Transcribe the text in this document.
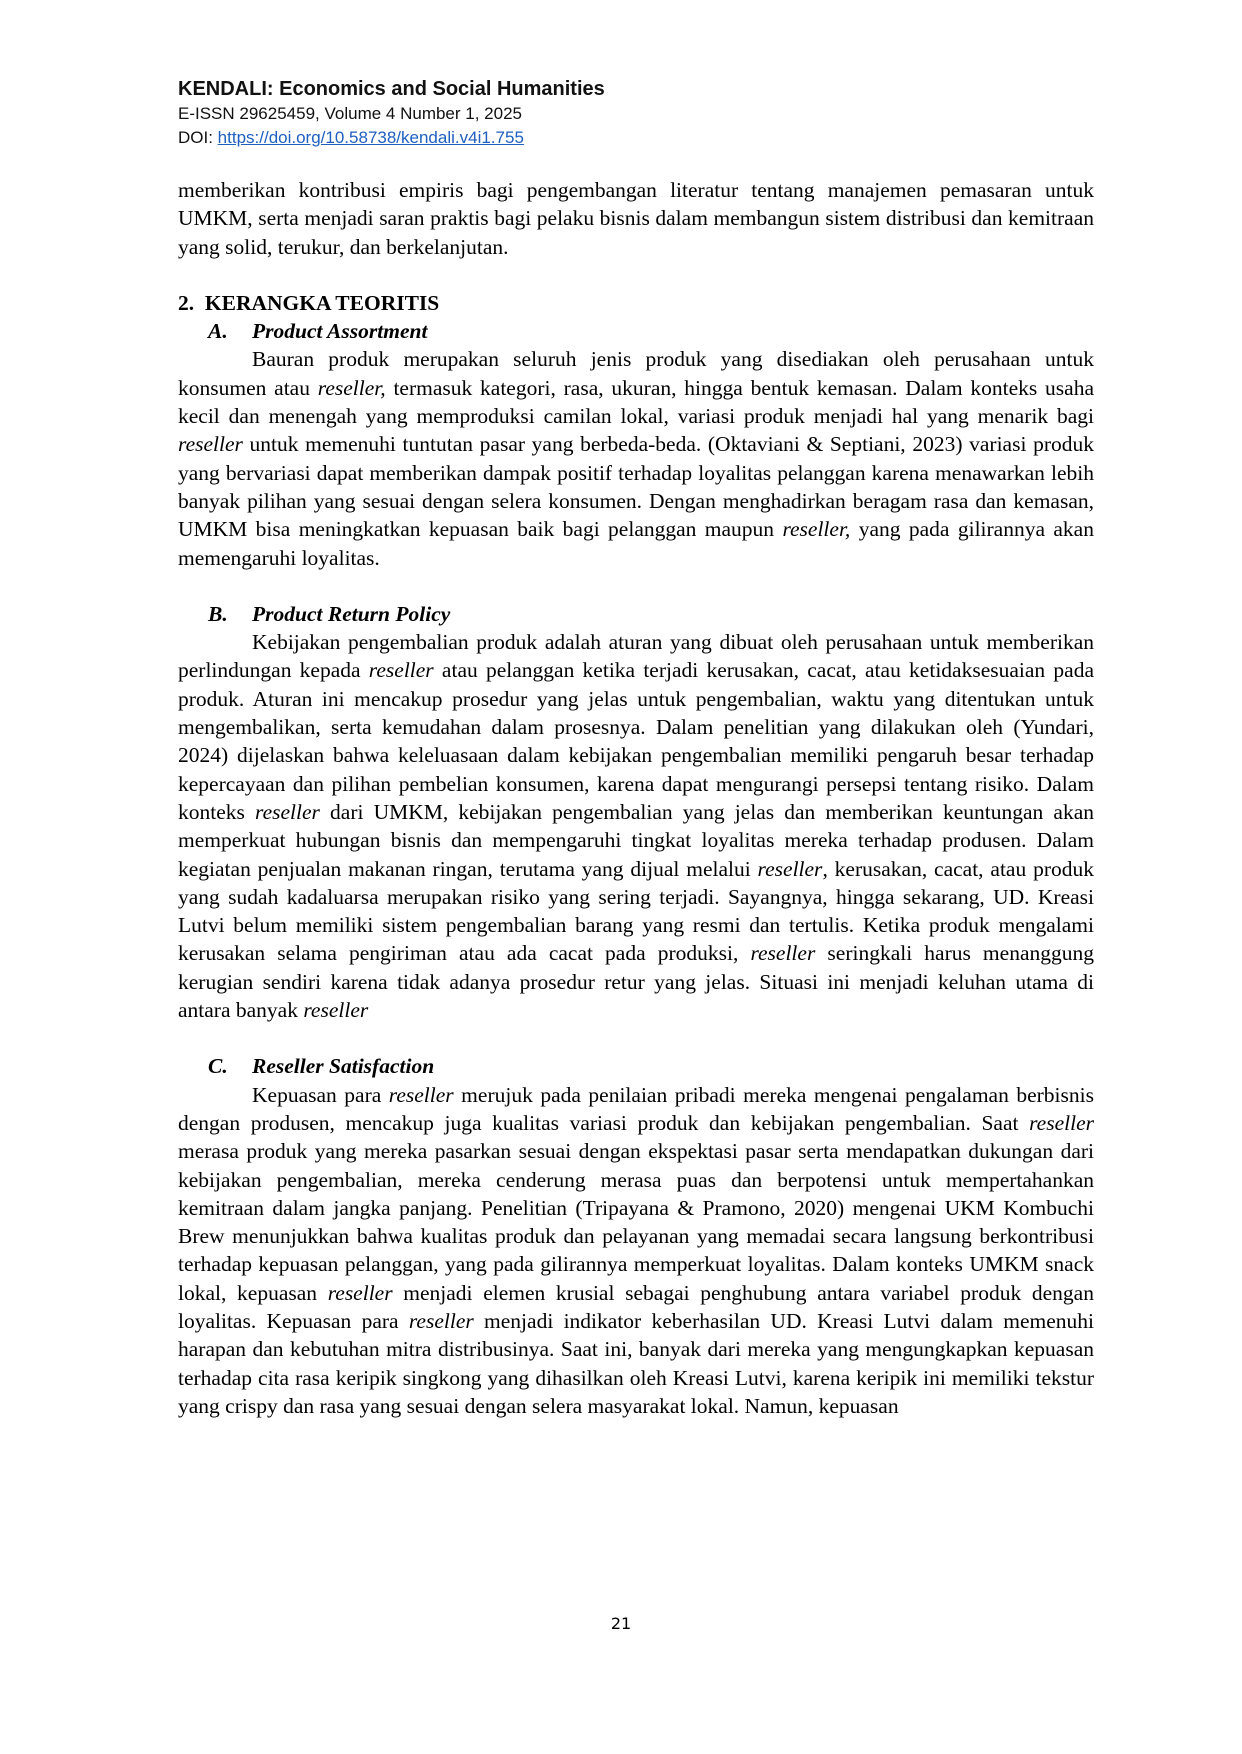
KENDALI: Economics and Social Humanities
E-ISSN 29625459, Volume 4 Number 1, 2025
DOI: https://doi.org/10.58738/kendali.v4i1.755

memberikan kontribusi empiris bagi pengembangan literatur tentang manajemen pemasaran untuk UMKM, serta menjadi saran praktis bagi pelaku bisnis dalam membangun sistem distribusi dan kemitraan yang solid, terukur, dan berkelanjutan.

2. KERANGKA TEORITIS
A. Product Assortment

Bauran produk merupakan seluruh jenis produk yang disediakan oleh perusahaan untuk konsumen atau reseller, termasuk kategori, rasa, ukuran, hingga bentuk kemasan. Dalam konteks usaha kecil dan menengah yang memproduksi camilan lokal, variasi produk menjadi hal yang menarik bagi reseller untuk memenuhi tuntutan pasar yang berbeda-beda. (Oktaviani & Septiani, 2023) variasi produk yang bervariasi dapat memberikan dampak positif terhadap loyalitas pelanggan karena menawarkan lebih banyak pilihan yang sesuai dengan selera konsumen. Dengan menghadirkan beragam rasa dan kemasan, UMKM bisa meningkatkan kepuasan baik bagi pelanggan maupun reseller, yang pada gilirannya akan memengaruhi loyalitas.

B. Product Return Policy

Kebijakan pengembalian produk adalah aturan yang dibuat oleh perusahaan untuk memberikan perlindungan kepada reseller atau pelanggan ketika terjadi kerusakan, cacat, atau ketidaksesuaian pada produk. Aturan ini mencakup prosedur yang jelas untuk pengembalian, waktu yang ditentukan untuk mengembalikan, serta kemudahan dalam prosesnya. Dalam penelitian yang dilakukan oleh (Yundari, 2024) dijelaskan bahwa keleluasaan dalam kebijakan pengembalian memiliki pengaruh besar terhadap kepercayaan dan pilihan pembelian konsumen, karena dapat mengurangi persepsi tentang risiko. Dalam konteks reseller dari UMKM, kebijakan pengembalian yang jelas dan memberikan keuntungan akan memperkuat hubungan bisnis dan mempengaruhi tingkat loyalitas mereka terhadap produsen. Dalam kegiatan penjualan makanan ringan, terutama yang dijual melalui reseller, kerusakan, cacat, atau produk yang sudah kadaluarsa merupakan risiko yang sering terjadi. Sayangnya, hingga sekarang, UD. Kreasi Lutvi belum memiliki sistem pengembalian barang yang resmi dan tertulis. Ketika produk mengalami kerusakan selama pengiriman atau ada cacat pada produksi, reseller seringkali harus menanggung kerugian sendiri karena tidak adanya prosedur retur yang jelas. Situasi ini menjadi keluhan utama di antara banyak reseller

C. Reseller Satisfaction

Kepuasan para reseller merujuk pada penilaian pribadi mereka mengenai pengalaman berbisnis dengan produsen, mencakup juga kualitas variasi produk dan kebijakan pengembalian. Saat reseller merasa produk yang mereka pasarkan sesuai dengan ekspektasi pasar serta mendapatkan dukungan dari kebijakan pengembalian, mereka cenderung merasa puas dan berpotensi untuk mempertahankan kemitraan dalam jangka panjang. Penelitian (Tripayana & Pramono, 2020) mengenai UKM Kombuchi Brew menunjukkan bahwa kualitas produk dan pelayanan yang memadai secara langsung berkontribusi terhadap kepuasan pelanggan, yang pada gilirannya memperkuat loyalitas. Dalam konteks UMKM snack lokal, kepuasan reseller menjadi elemen krusial sebagai penghubung antara variabel produk dengan loyalitas. Kepuasan para reseller menjadi indikator keberhasilan UD. Kreasi Lutvi dalam memenuhi harapan dan kebutuhan mitra distribusinya. Saat ini, banyak dari mereka yang mengungkapkan kepuasan terhadap cita rasa keripik singkong yang dihasilkan oleh Kreasi Lutvi, karena keripik ini memiliki tekstur yang crispy dan rasa yang sesuai dengan selera masyarakat lokal. Namun, kepuasan

21
